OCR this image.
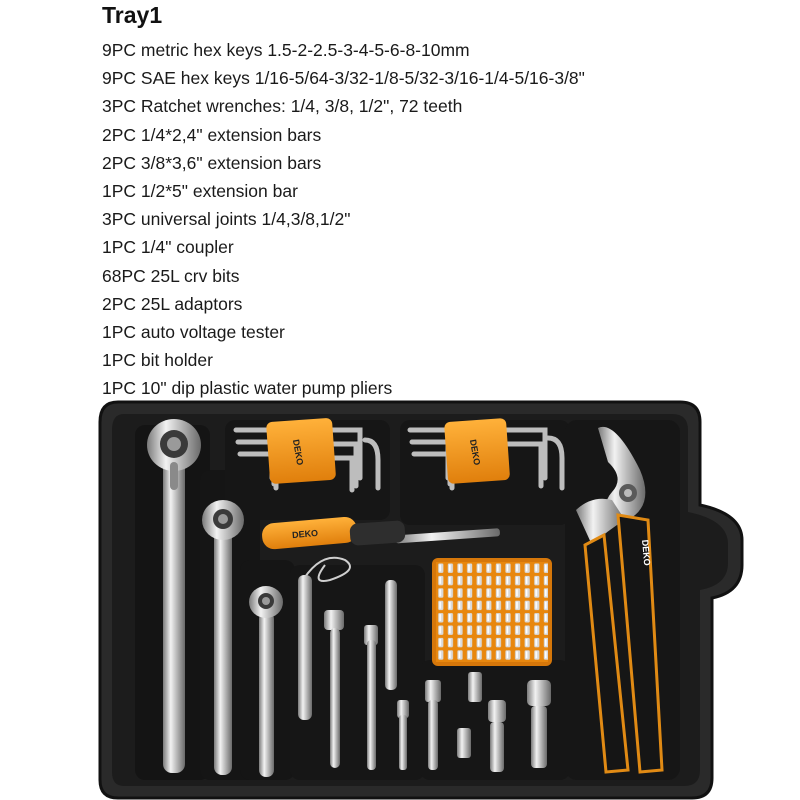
Tray1
9PC metric hex keys 1.5-2-2.5-3-4-5-6-8-10mm
9PC SAE hex keys 1/16-5/64-3/32-1/8-5/32-3/16-1/4-5/16-3/8"
3PC Ratchet wrenches: 1/4, 3/8, 1/2", 72 teeth
2PC 1/4*2,4" extension bars
2PC 3/8*3,6" extension bars
1PC 1/2*5" extension bar
3PC universal joints 1/4,3/8,1/2"
1PC 1/4" coupler
68PC 25L crv bits
2PC 25L adaptors
1PC auto voltage tester
1PC bit holder
1PC 10" dip plastic water pump pliers
DEKO	DEKO
DEKO
DEKO
